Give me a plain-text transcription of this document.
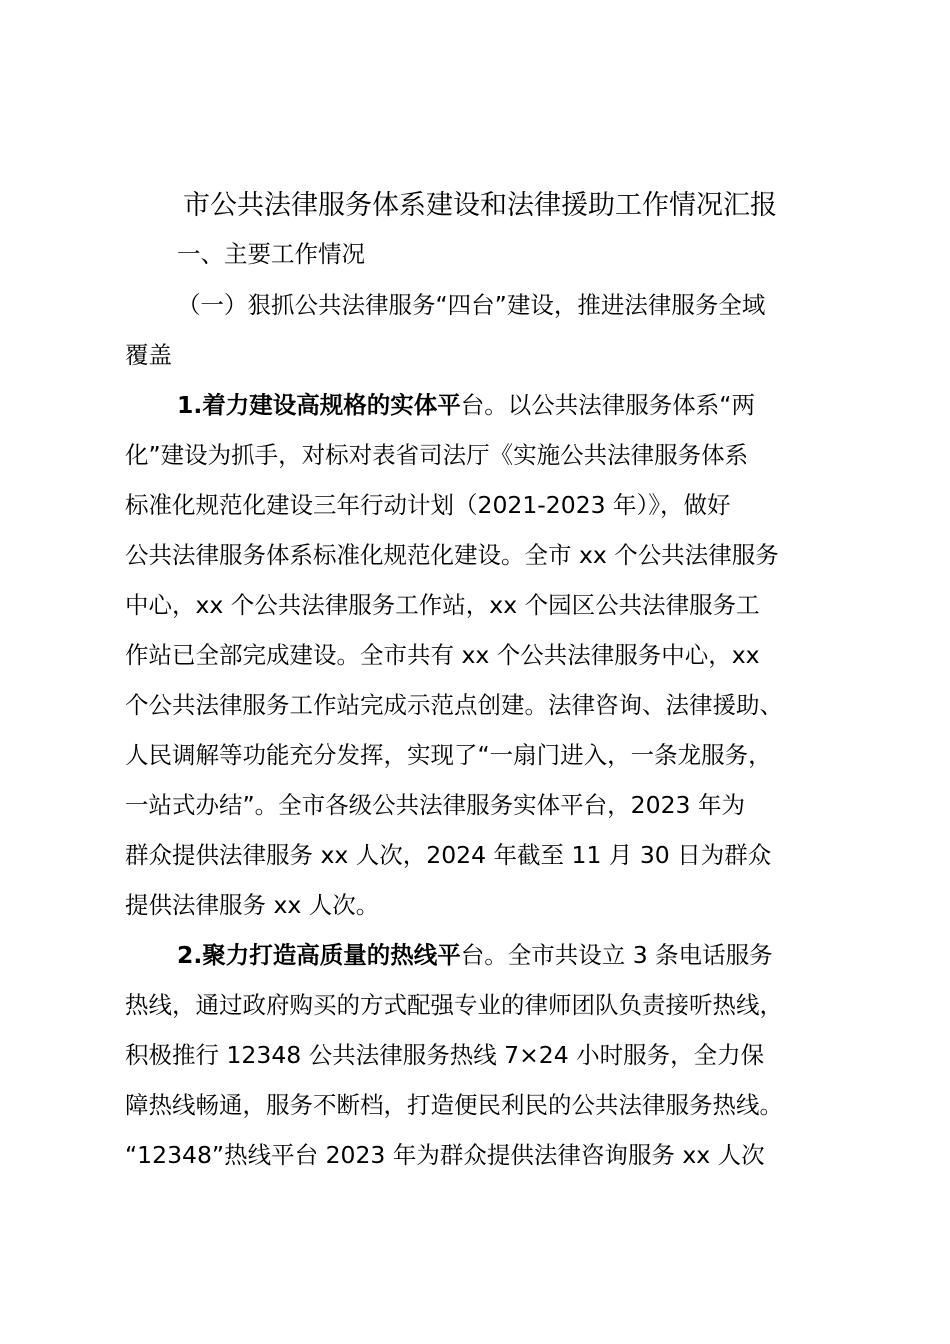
市公共法律服务体系建设和法律援助工作情况汇报
一、主要工作情况
（一）狠抓公共法律服务“四台”建设，推进法律服务全域
覆盖
1.着力建设高规格的实体平台。以公共法律服务体系“两
化”建设为抓手，对标对表省司法厅《实施公共法律服务体系
标准化规范化建设三年行动计划（2021-2023 年）》，做好
公共法律服务体系标准化规范化建设。全市 xx 个公共法律服务
中心，xx 个公共法律服务工作站，xx 个园区公共法律服务工
作站已全部完成建设。全市共有 xx 个公共法律服务中心，xx
个公共法律服务工作站完成示范点创建。法律咨询、法律援助、
人民调解等功能充分发挥，实现了“一扇门进入，一条龙服务，
一站式办结”。全市各级公共法律服务实体平台，2023 年为
群众提供法律服务 xx 人次，2024 年截至 11 月 30 日为群众
提供法律服务 xx 人次。
2.聚力打造高质量的热线平台。全市共设立 3 条电话服务
热线，通过政府购买的方式配强专业的律师团队负责接听热线，
积极推行 12348 公共法律服务热线 7×24 小时服务，全力保
障热线畅通，服务不断档，打造便民利民的公共法律服务热线。
“12348”热线平台 2023 年为群众提供法律咨询服务 xx 人次
